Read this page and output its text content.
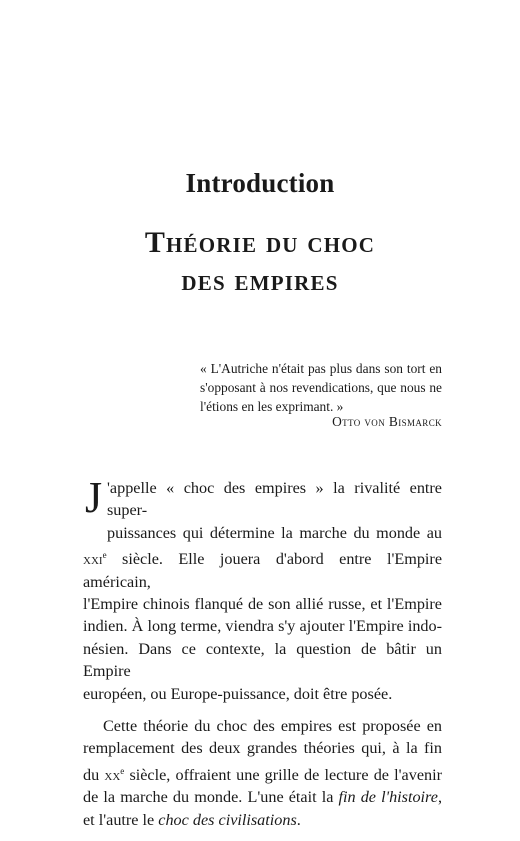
Introduction
Théorie du choc
des empires
« L'Autriche n'était pas plus dans son tort en s'opposant à nos revendications, que nous ne l'étions en les exprimant. »
Otto von Bismarck

J 'appelle « choc des empires » la rivalité entre super-
puissances qui détermine la marche du monde au
xxi$^e$ siècle. Elle jouera d'abord entre l'Empire américain,
l'Empire chinois flanqué de son allié russe, et l'Empire
indien. À long terme, viendra s'y ajouter l'Empire indo-
nésien. Dans ce contexte, la question de bâtir un Empire
européen, ou Europe-puissance, doit être posée.

Cette théorie du choc des empires est proposée en remplacement des deux grandes théories qui, à la fin du $xx^e$ siècle, offraient une grille de lecture de l'avenir de la marche du monde. L'une était la fin de l'histoire, et l'autre le choc des civilisations.
